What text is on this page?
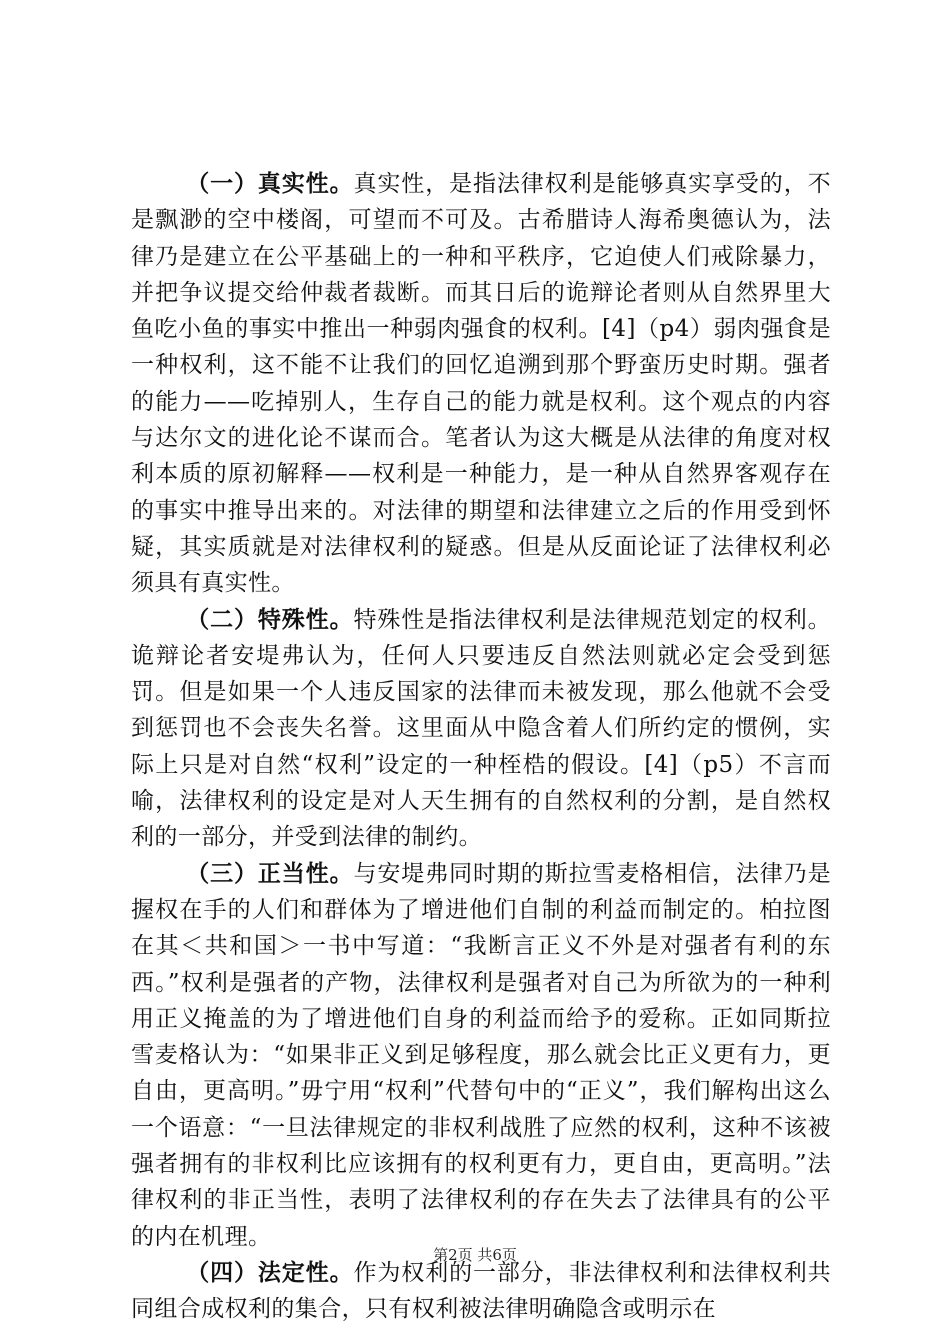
（一）真实性。真实性，是指法律权利是能够真实享受的，不是飘渺的空中楼阁，可望而不可及。古希腊诗人海希奥德认为，法律乃是建立在公平基础上的一种和平秩序，它迫使人们戒除暴力，并把争议提交给仲裁者裁断。而其日后的诡辩论者则从自然界里大鱼吃小鱼的事实中推出一种弱肉强食的权利。[4]（p4）弱肉强食是一种权利，这不能不让我们的回忆追溯到那个野蛮历史时期。强者的能力——吃掉别人，生存自己的能力就是权利。这个观点的内容与达尔文的进化论不谋而合。笔者认为这大概是从法律的角度对权利本质的原初解释——权利是一种能力，是一种从自然界客观存在的事实中推导出来的。对法律的期望和法律建立之后的作用受到怀疑，其实质就是对法律权利的疑惑。但是从反面论证了法律权利必须具有真实性。

（二）特殊性。特殊性是指法律权利是法律规范划定的权利。诡辩论者安堤弗认为，任何人只要违反自然法则就必定会受到惩罚。但是如果一个人违反国家的法律而未被发现，那么他就不会受到惩罚也不会丧失名誉。这里面从中隐含着人们所约定的惯例，实际上只是对自然“权利”设定的一种桎梏的假设。[4]（p5）不言而喻，法律权利的设定是对人天生拥有的自然权利的分割，是自然权利的一部分，并受到法律的制约。

（三）正当性。与安堤弗同时期的斯拉雪麦格相信，法律乃是握权在手的人们和群体为了增进他们自制的利益而制定的。柏拉图在其＜共和国＞一书中写道：“我断言正义不外是对强者有利的东西。”权利是强者的产物，法律权利是强者对自己为所欲为的一种利用正义掩盖的为了增进他们自身的利益而给予的爱称。正如同斯拉雪麦格认为：“如果非正义到足够程度，那么就会比正义更有力，更自由，更高明。”毋宁用“权利”代替句中的“正义”，我们解构出这么一个语意：“一旦法律规定的非权利战胜了应然的权利，这种不该被强者拥有的非权利比应该拥有的权利更有力，更自由，更高明。”法律权利的非正当性，表明了法律权利的存在失去了法律具有的公平的内在机理。

（四）法定性。作为权利的一部分，非法律权利和法律权利共同组合成权利的集合，只有权利被法律明确隐含或明示在

第2页 共6页
